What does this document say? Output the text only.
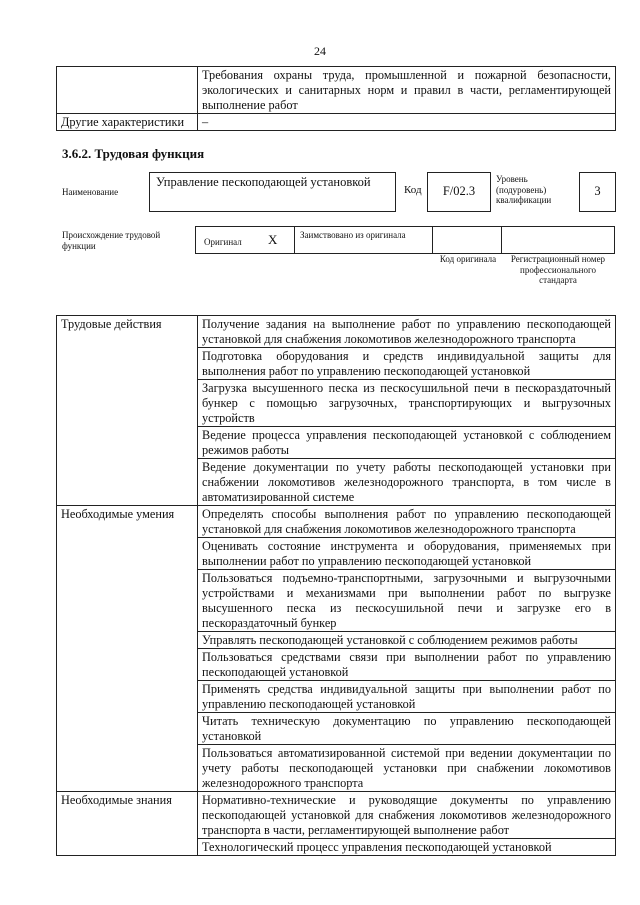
24
	Требования охраны труда, промышленной и пожарной безопасности, экологических и санитарных норм и правил в части, регламентирующей выполнение работ
Другие характеристики	–
3.6.2. Трудовая функция
Наименование
Управление пескоподающей установкой
Код	F/02.3
Уровень (подуровень) квалификации
3
Происхождение трудовой функции	Оригинал X	Заимствовано из оригинала
Код оригинала	Регистрационный номер профессионального стандарта
Трудовые действия	Получение задания на выполнение работ по управлению пескоподающей установкой для снабжения локомотивов железнодорожного транспорта
	Подготовка оборудования и средств индивидуальной защиты для выполнения работ по управлению пескоподающей установкой
	Загрузка высушенного песка из пескосушильной печи в пескораздаточный бункер с помощью загрузочных, транспортирующих и выгрузочных устройств
	Ведение процесса управления пескоподающей установкой с соблюдением режимов работы
	Ведение документации по учету работы пескоподающей установки при снабжении локомотивов железнодорожного транспорта, в том числе в автоматизированной системе
Необходимые умения	Определять способы выполнения работ по управлению пескоподающей установкой для снабжения локомотивов железнодорожного транспорта
	Оценивать состояние инструмента и оборудования, применяемых при выполнении работ по управлению пескоподающей установкой
	Пользоваться подъемно-транспортными, загрузочными и выгрузочными устройствами и механизмами при выполнении работ по выгрузке высушенного песка из пескосушильной печи и загрузке его в пескораздаточный бункер
	Управлять пескоподающей установкой с соблюдением режимов работы
	Пользоваться средствами связи при выполнении работ по управлению пескоподающей установкой
	Применять средства индивидуальной защиты при выполнении работ по управлению пескоподающей установкой
	Читать техническую документацию по управлению пескоподающей установкой
	Пользоваться автоматизированной системой при ведении документации по учету работы пескоподающей установки при снабжении локомотивов железнодорожного транспорта
Необходимые знания	Нормативно-технические и руководящие документы по управлению пескоподающей установкой для снабжения локомотивов железнодорожного транспорта в части, регламентирующей выполнение работ
	Технологический процесс управления пескоподающей установкой
